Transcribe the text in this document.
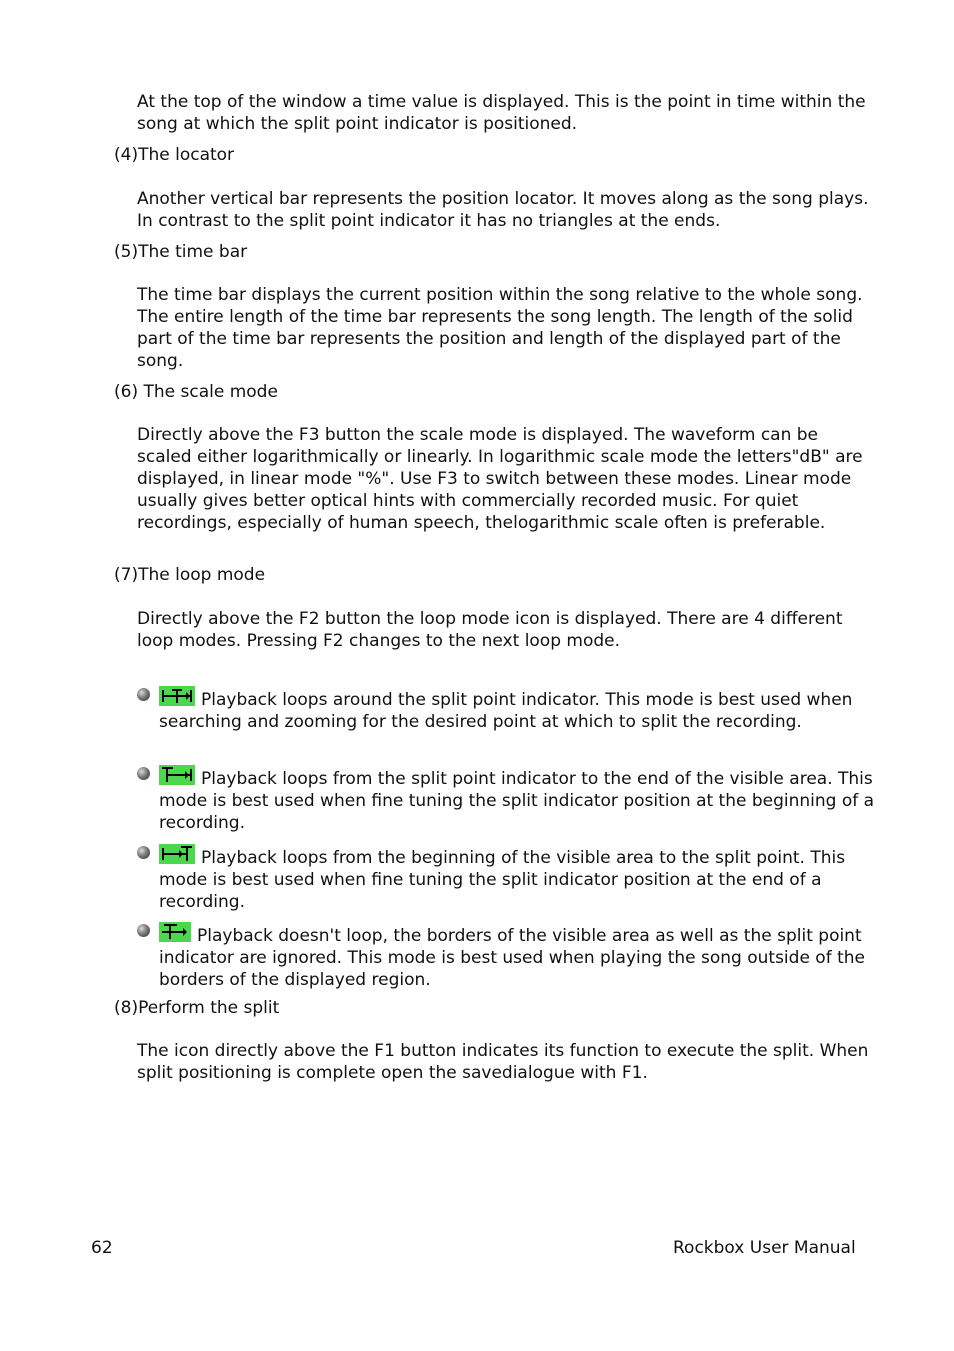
At the top of the window a time value is displayed. This is the point in time within the song at which the split point indicator is positioned.
(4)The locator
Another vertical bar represents the position locator. It moves along as the song plays. In contrast to the split point indicator it has no triangles at the ends.
(5)The time bar
The time bar displays the current position within the song relative to the whole song. The entire length of the time bar represents the song length. The length of the solid part of the time bar represents the position and length of the displayed part of the song.
(6) The scale mode
Directly above the F3 button the scale mode is displayed. The waveform can be scaled either logarithmically or linearly. In logarithmic scale mode the letters"dB" are displayed, in linear mode "%". Use F3 to switch between these modes. Linear mode usually gives better optical hints with commercially recorded music. For quiet recordings, especially of human speech, thelogarithmic scale often is preferable.
(7)The loop mode
Directly above the F2 button the loop mode icon is displayed. There are 4 different loop modes. Pressing F2 changes to the next loop mode.
Playback loops around the split point indicator. This mode is best used when searching and zooming for the desired point at which to split the recording.
Playback loops from the split point indicator to the end of the visible area. This mode is best used when fine tuning the split indicator position at the beginning of a recording.
Playback loops from the beginning of the visible area to the split point. This mode is best used when fine tuning the split indicator position at the end of a recording.
Playback doesn't loop, the borders of the visible area as well as the split point indicator are ignored. This mode is best used when playing the song outside of the borders of the displayed region.
(8)Perform the split
The icon directly above the F1 button indicates its function to execute the split. When split positioning is complete open the savedialogue with F1.
62	Rockbox User Manual
